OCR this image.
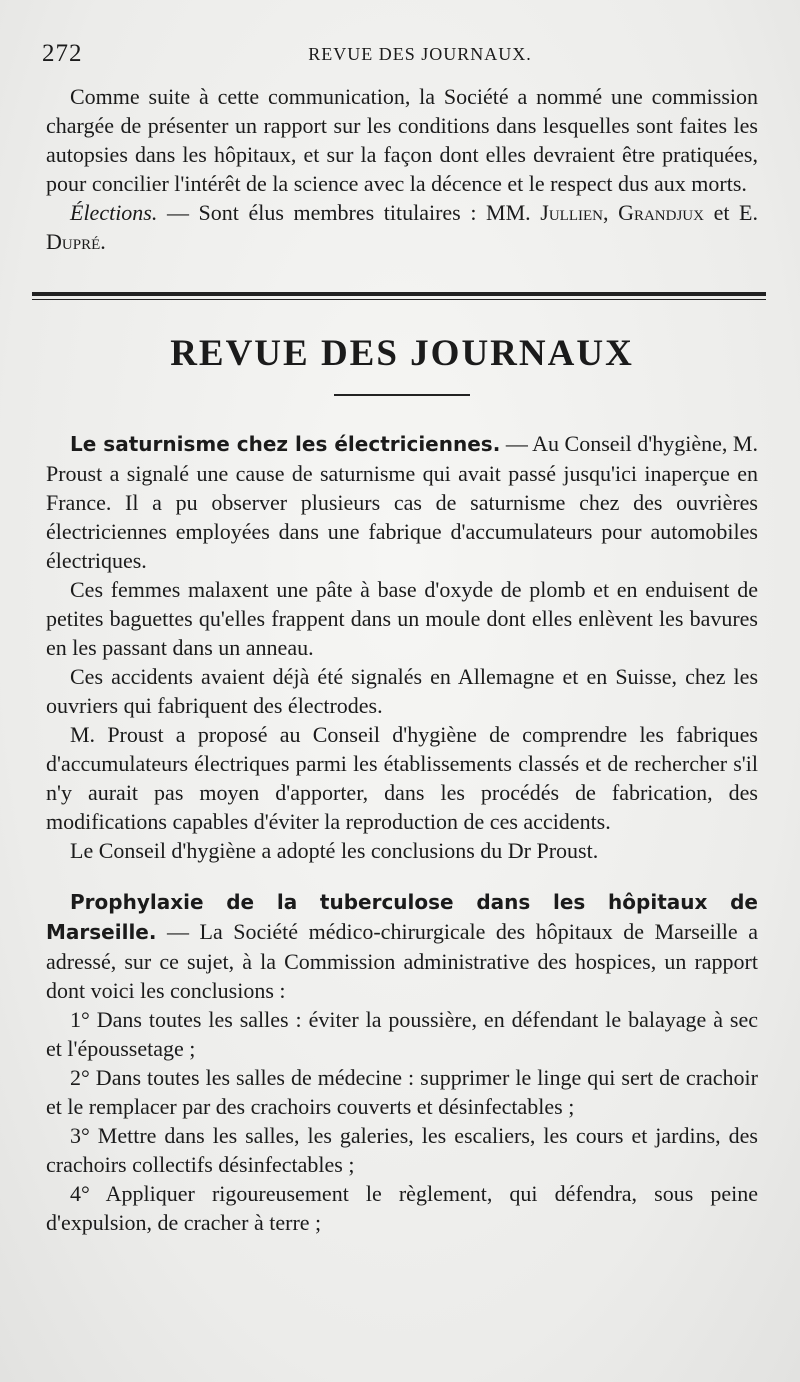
272	REVUE DES JOURNAUX.

Comme suite à cette communication, la Société a nommé une commission chargée de présenter un rapport sur les conditions dans lesquelles sont faites les autopsies dans les hôpitaux, et sur la façon dont elles devraient être pratiquées, pour concilier l'intérêt de la science avec la décence et le respect dus aux morts.

Élections. — Sont élus membres titulaires : MM. Jullien, Grandjux et E. Dupré.

REVUE DES JOURNAUX

Le saturnisme chez les électriciennes. — Au Conseil d'hygiène, M. Proust a signalé une cause de saturnisme qui avait passé jusqu'ici inaperçue en France. Il a pu observer plusieurs cas de saturnisme chez des ouvrières électriciennes employées dans une fabrique d'accumulateurs pour automobiles électriques.

Ces femmes malaxent une pâte à base d'oxyde de plomb et en enduisent de petites baguettes qu'elles frappent dans un moule dont elles enlèvent les bavures en les passant dans un anneau.

Ces accidents avaient déjà été signalés en Allemagne et en Suisse, chez les ouvriers qui fabriquent des électrodes.

M. Proust a proposé au Conseil d'hygiène de comprendre les fabriques d'accumulateurs électriques parmi les établissements classés et de rechercher s'il n'y aurait pas moyen d'apporter, dans les procédés de fabrication, des modifications capables d'éviter la reproduction de ces accidents.

Le Conseil d'hygiène a adopté les conclusions du Dr Proust.

Prophylaxie de la tuberculose dans les hôpitaux de Marseille. — La Société médico-chirurgicale des hôpitaux de Marseille a adressé, sur ce sujet, à la Commission administrative des hospices, un rapport dont voici les conclusions :

1° Dans toutes les salles : éviter la poussière, en défendant le balayage à sec et l'époussetage ;

2° Dans toutes les salles de médecine : supprimer le linge qui sert de crachoir et le remplacer par des crachoirs couverts et désinfectables ;

3° Mettre dans les salles, les galeries, les escaliers, les cours et jardins, des crachoirs collectifs désinfectables ;

4° Appliquer rigoureusement le règlement, qui défendra, sous peine d'expulsion, de cracher à terre ;
